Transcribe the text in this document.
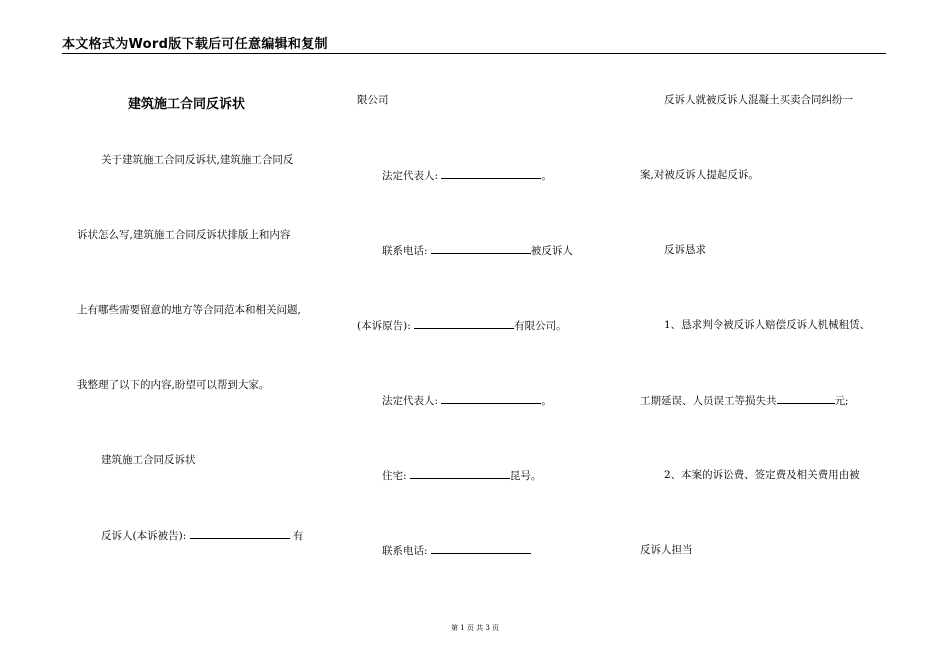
本文格式为Word版下载后可任意编辑和复制
建筑施工合同反诉状
关于建筑施工合同反诉状,建筑施工合同反
诉状怎么写,建筑施工合同反诉状排版上和内容
上有哪些需要留意的地方等合同范本和相关问题,
我整理了以下的内容,盼望可以帮到大家。
建筑施工合同反诉状
反诉人(本诉被告):	有
限公司
法定代表人:	。
联系电话:	被反诉人
(本诉原告):	有限公司。
法定代表人:	。
住宅:	昆号。
联系电话:
反诉人就被反诉人混凝土买卖合同纠纷一
案,对被反诉人提起反诉。
反诉恳求
1、恳求判令被反诉人赔偿反诉人机械租赁、
工期延误、人员误工等损失共	元;
2、本案的诉讼费、签定费及相关费用由被
反诉人担当
第 1 页 共 3 页
